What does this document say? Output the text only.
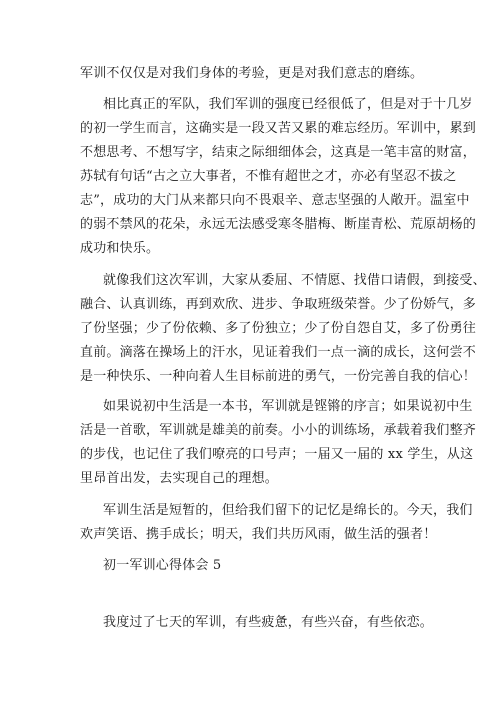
军训不仅仅是对我们身体的考验，更是对我们意志的磨练。
相比真正的军队，我们军训的强度已经很低了，但是对于十几岁
的初一学生而言，这确实是一段又苦又累的难忘经历。军训中，累到
不想思考、不想写字，结束之际细细体会，这真是一笔丰富的财富，
苏轼有句话“古之立大事者，不惟有超世之才，亦必有坚忍不拔之
志”，成功的大门从来都只向不畏艰辛、意志坚强的人敞开。温室中
的弱不禁风的花朵，永远无法感受寒冬腊梅、断崖青松、荒原胡杨的
成功和快乐。
就像我们这次军训，大家从委屈、不情愿、找借口请假，到接受、
融合、认真训练，再到欢欣、进步、争取班级荣誉。少了份娇气，多
了份坚强；少了份依赖、多了份独立；少了份自怨自艾，多了份勇往
直前。滴落在操场上的汗水，见证着我们一点一滴的成长，这何尝不
是一种快乐、一种向着人生目标前进的勇气，一份完善自我的信心！
如果说初中生活是一本书，军训就是铿锵的序言；如果说初中生
活是一首歌，军训就是雄美的前奏。小小的训练场，承载着我们整齐
的步伐，也记住了我们嘹亮的口号声；一届又一届的 xx 学生，从这
里昂首出发，去实现自己的理想。
军训生活是短暂的，但给我们留下的记忆是绵长的。今天，我们
欢声笑语、携手成长；明天，我们共历风雨，做生活的强者！
初一军训心得体会 5
我度过了七天的军训，有些疲惫，有些兴奋，有些依恋。
